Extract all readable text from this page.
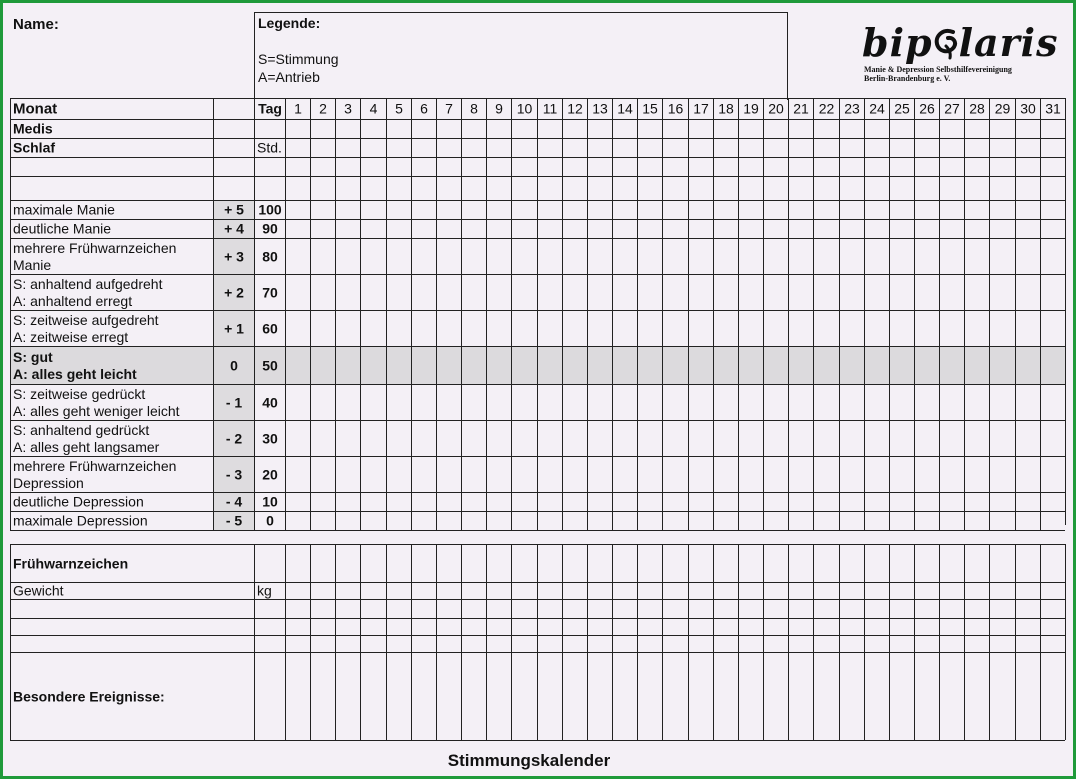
Name:	Legende:
S=Stimmung
A=Antrieb
bip laris
Manie & Depression Selbsthilfevereinigung
Berlin-Brandenburg e. V.
Monat	Tag 1	2	3	4	5	6	7	8	9 10 11 12 13 14 15 16 17 18 19 20 21 22 23 24 25 26 27 28 29 30 31
Medis
Schlaf	Std.
maximale Manie	+ 5	100
deutliche Manie	+ 4	90
mehrere Frühwarnzeichen
Manie
+ 3	80
S: anhaltend aufgedreht
A: anhaltend erregt
+ 2	70
S: zeitweise aufgedreht
A: zeitweise erregt
+ 1	60
S: gut
A: alles geht leicht
0	50
S: zeitweise gedrückt
A: alles geht weniger leicht
- 1	40
S: anhaltend gedrückt
A: alles geht langsamer
- 2	30
mehrere Frühwarnzeichen
Depression
- 3	20
deutliche Depression	- 4	10
maximale Depression	- 5	0
Frühwarnzeichen
Gewicht	kg
Besondere Ereignisse:
Stimmungskalender
